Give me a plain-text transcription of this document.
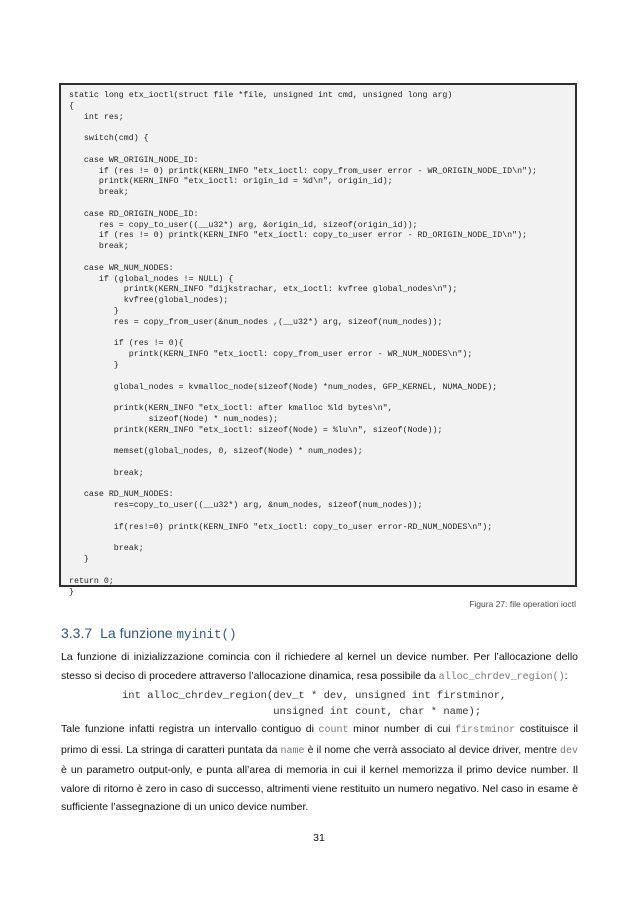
static long etx_ioctl(struct file *file, unsigned int cmd, unsigned long arg)
{
int res;
switch(cmd) {
case WR_ORIGIN_NODE_ID:
if (res != 0) printk(KERN_INFO "etx_ioctl: copy_from_user error - WR_ORIGIN_NODE_ID\n");
printk(KERN_INFO "etx_ioctl: origin_id = %d\n", origin_id);
break;
case RD_ORIGIN_NODE_ID:
res = copy_to_user((__u32*) arg, &origin_id, sizeof(origin_id));
if (res != 0) printk(KERN_INFO "etx_ioctl: copy_to_user error - RD_ORIGIN_NODE_ID\n");
break;
case WR_NUM_NODES:
if (global_nodes != NULL) {
printk(KERN_INFO "dijkstrachar, etx_ioctl: kvfree global_nodes\n");
kvfree(global_nodes);
}
res = copy_from_user(&num_nodes ,(__u32*) arg, sizeof(num_nodes));
if (res != 0){
printk(KERN_INFO "etx_ioctl: copy_from_user error - WR_NUM_NODES\n");
}
global_nodes = kvmalloc_node(sizeof(Node) *num_nodes, GFP_KERNEL, NUMA_NODE);
printk(KERN_INFO "etx_ioctl: after kmalloc %ld bytes\n",
sizeof(Node) * num_nodes);
printk(KERN_INFO "etx_ioctl: sizeof(Node) = %lu\n", sizeof(Node));
memset(global_nodes, 0, sizeof(Node) * num_nodes);
break;
case RD_NUM_NODES:
res=copy_to_user((__u32*) arg, &num_nodes, sizeof(num_nodes));
if(res!=0) printk(KERN_INFO "etx_ioctl: copy_to_user error-RD_NUM_NODES\n");
break;
}
return 0;
}
Figura 27: file operation ioctl
3.3.7 La funzione myinit()
La funzione di inizializzazione comincia con il richiedere al kernel un device number. Per l’allocazione dello stesso si deciso di procedere attraverso l’allocazione dinamica, resa possibile da alloc_chrdev_region():
int alloc_chrdev_region(dev_t * dev, unsigned int firstminor,
unsigned int count, char * name);
Tale funzione infatti registra un intervallo contiguo di count minor number di cui firstminor costituisce il primo di essi. La stringa di caratteri puntata da name è il nome che verrà associato al device driver, mentre dev è un parametro output-only, e punta all’area di memoria in cui il kernel memorizza il primo device number. Il valore di ritorno è zero in caso di successo, altrimenti viene restituito un numero negativo. Nel caso in esame è sufficiente l’assegnazione di un unico device number.
31
